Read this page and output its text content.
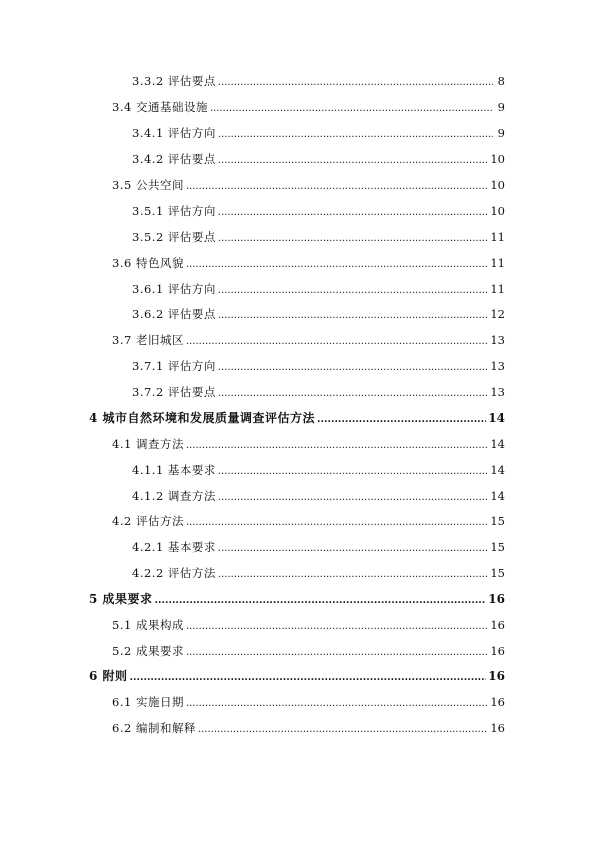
3.3.2 评估要点 .....	8
3.4 交通基础设施 .....	9
3.4.1 评估方向 .....	9
3.4.2 评估要点 .....	10
3.5 公共空间 .....	10
3.5.1 评估方向 .....	10
3.5.2 评估要点 .....	11
3.6 特色风貌 .....	11
3.6.1 评估方向 .....	11
3.6.2 评估要点 .....	12
3.7 老旧城区 .....	13
3.7.1 评估方向 .....	13
3.7.2 评估要点 .....	13
4 城市自然环境和发展质量调查评估方法 .....	14
4.1 调查方法 .....	14
4.1.1 基本要求 .....	14
4.1.2 调查方法 .....	14
4.2 评估方法 .....	15
4.2.1 基本要求 .....	15
4.2.2 评估方法 .....	15
5 成果要求 .....	16
5.1 成果构成 .....	16
5.2 成果要求 .....	16
6 附则 .....	16
6.1 实施日期 .....	16
6.2 编制和解释 .....	16
